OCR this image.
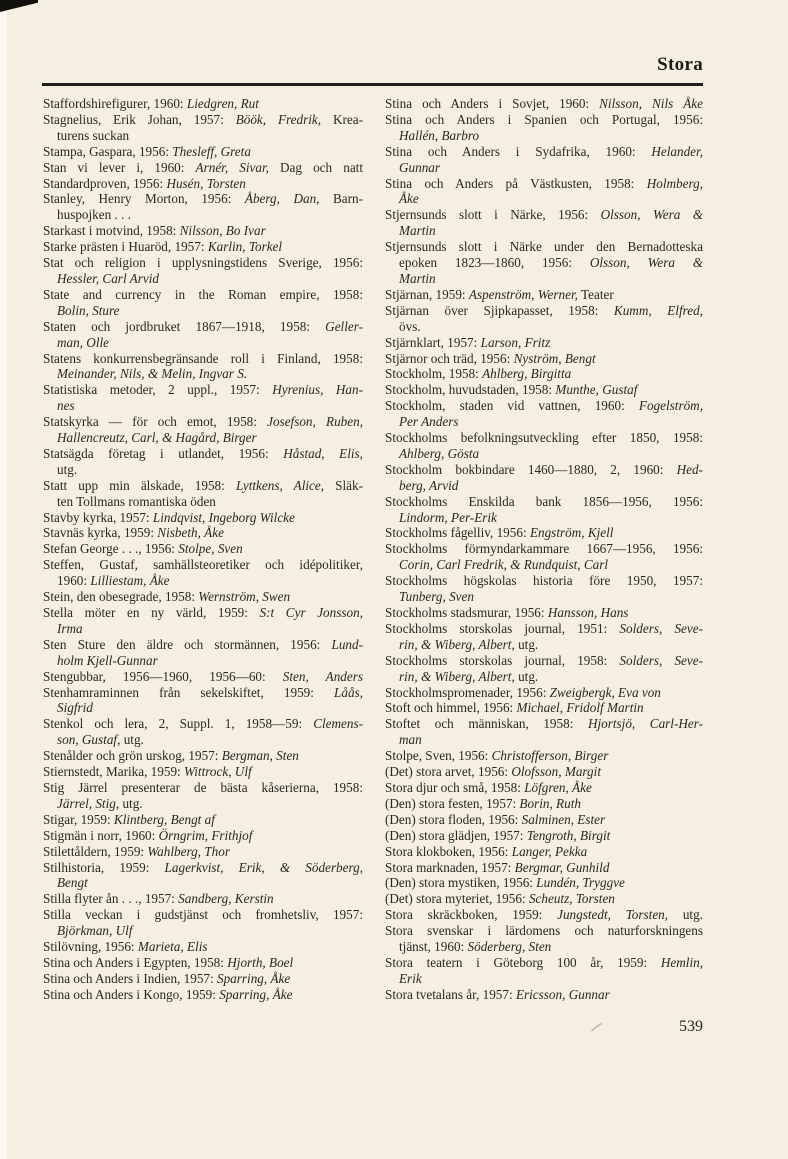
Stora
Staffordshirefigurer, 1960: Liedgren, Rut
Stagnelius, Erik Johan, 1957: Böök, Fredrik, Krea-
turens suckan
Stampa, Gaspara, 1956: Thesleff, Greta
Stan vi lever i, 1960: Arnér, Sivar, Dag och natt
Standardproven, 1956: Husén, Torsten
Stanley, Henry Morton, 1956: Åberg, Dan, Barn-
huspojken . . .
Starkast i motvind, 1958: Nilsson, Bo Ivar
Starke prästen i Huaröd, 1957: Karlin, Torkel
Stat och religion i upplysningstidens Sverige, 1956:
Hessler, Carl Arvid
State and currency in the Roman empire, 1958:
Bolin, Sture
Staten och jordbruket 1867—1918, 1958: Geller-
man, Olle
Statens konkurrensbegränsande roll i Finland, 1958:
Meinander, Nils, & Melin, Ingvar S.
Statistiska metoder, 2 uppl., 1957: Hyrenius, Han-
nes
Statskyrka — för och emot, 1958: Josefson, Ruben,
Hallencreutz, Carl, & Hagård, Birger
Statsägda företag i utlandet, 1956: Håstad, Elis,
utg.
Statt upp min älskade, 1958: Lyttkens, Alice, Släk-
ten Tollmans romantiska öden
Stavby kyrka, 1957: Lindqvist, Ingeborg Wilcke
Stavnäs kyrka, 1959: Nisbeth, Åke
Stefan George . . ., 1956: Stolpe, Sven
Steffen, Gustaf, samhällsteoretiker och idépolitiker,
1960: Lilliestam, Åke
Stein, den obesegrade, 1958: Wernström, Swen
Stella möter en ny värld, 1959: S:t Cyr Jonsson,
Irma
Sten Sture den äldre och stormännen, 1956: Lund-
holm Kjell-Gunnar
Stengubbar, 1956—1960, 1956—60: Sten, Anders
Stenhamraminnen från sekelskiftet, 1959: Låås,
Sigfrid
Stenkol och lera, 2, Suppl. 1, 1958—59: Clemens-
son, Gustaf, utg.
Stenålder och grön urskog, 1957: Bergman, Sten
Stiernstedt, Marika, 1959: Wittrock, Ulf
Stig Järrel presenterar de bästa kåserierna, 1958:
Järrel, Stig, utg.
Stigar, 1959: Klintberg, Bengt af
Stigmän i norr, 1960: Örngrim, Frithjof
Stilettåldern, 1959: Wahlberg, Thor
Stilhistoria, 1959: Lagerkvist, Erik, & Söderberg,
Bengt
Stilla flyter ån . . ., 1957: Sandberg, Kerstin
Stilla veckan i gudstjänst och fromhetsliv, 1957:
Björkman, Ulf
Stilövning, 1956: Marieta, Elis
Stina och Anders i Egypten, 1958: Hjorth, Boel
Stina och Anders i Indien, 1957: Sparring, Åke
Stina och Anders i Kongo, 1959: Sparring, Åke
Stina och Anders i Sovjet, 1960: Nilsson, Nils Åke
Stina och Anders i Spanien och Portugal, 1956:
Hallén, Barbro
Stina och Anders i Sydafrika, 1960: Helander,
Gunnar
Stina och Anders på Västkusten, 1958: Holmberg,
Åke
Stjernsunds slott i Närke, 1956: Olsson, Wera &
Martin
Stjernsunds slott i Närke under den Bernadotteska
epoken 1823—1860, 1956: Olsson, Wera &
Martin
Stjärnan, 1959: Aspenström, Werner, Teater
Stjärnan över Sjipkapasset, 1958: Kumm, Elfred,
övs.
Stjärnklart, 1957: Larson, Fritz
Stjärnor och träd, 1956: Nyström, Bengt
Stockholm, 1958: Ahlberg, Birgitta
Stockholm, huvudstaden, 1958: Munthe, Gustaf
Stockholm, staden vid vattnen, 1960: Fogelström,
Per Anders
Stockholms befolkningsutveckling efter 1850, 1958:
Ahlberg, Gösta
Stockholm bokbindare 1460—1880, 2, 1960: Hed-
berg, Arvid
Stockholms Enskilda bank 1856—1956, 1956:
Lindorm, Per-Erik
Stockholms fågelliv, 1956: Engström, Kjell
Stockholms förmyndarkammare 1667—1956, 1956:
Corin, Carl Fredrik, & Rundquist, Carl
Stockholms högskolas historia före 1950, 1957:
Tunberg, Sven
Stockholms stadsmurar, 1956: Hansson, Hans
Stockholms storskolas journal, 1951: Solders, Seve-
rin, & Wiberg, Albert, utg.
Stockholms storskolas journal, 1958: Solders, Seve-
rin, & Wiberg, Albert, utg.
Stockholmspromenader, 1956: Zweigbergk, Eva von
Stoft och himmel, 1956: Michael, Fridolf Martin
Stoftet och människan, 1958: Hjortsjö, Carl-Her-
man
Stolpe, Sven, 1956: Christofferson, Birger
(Det) stora arvet, 1956: Olofsson, Margit
Stora djur och små, 1958: Löfgren, Åke
(Den) stora festen, 1957: Borin, Ruth
(Den) stora floden, 1956: Salminen, Ester
(Den) stora glädjen, 1957: Tengroth, Birgit
Stora klokboken, 1956: Langer, Pekka
Stora marknaden, 1957: Bergmar, Gunhild
(Den) stora mystiken, 1956: Lundén, Tryggve
(Det) stora myteriet, 1956: Scheutz, Torsten
Stora skräckboken, 1959: Jungstedt, Torsten, utg.
Stora svenskar i lärdomens och naturforskningens
tjänst, 1960: Söderberg, Sten
Stora teatern i Göteborg 100 år, 1959: Hemlin,
Erik
Stora tvetalans år, 1957: Ericsson, Gunnar
539
